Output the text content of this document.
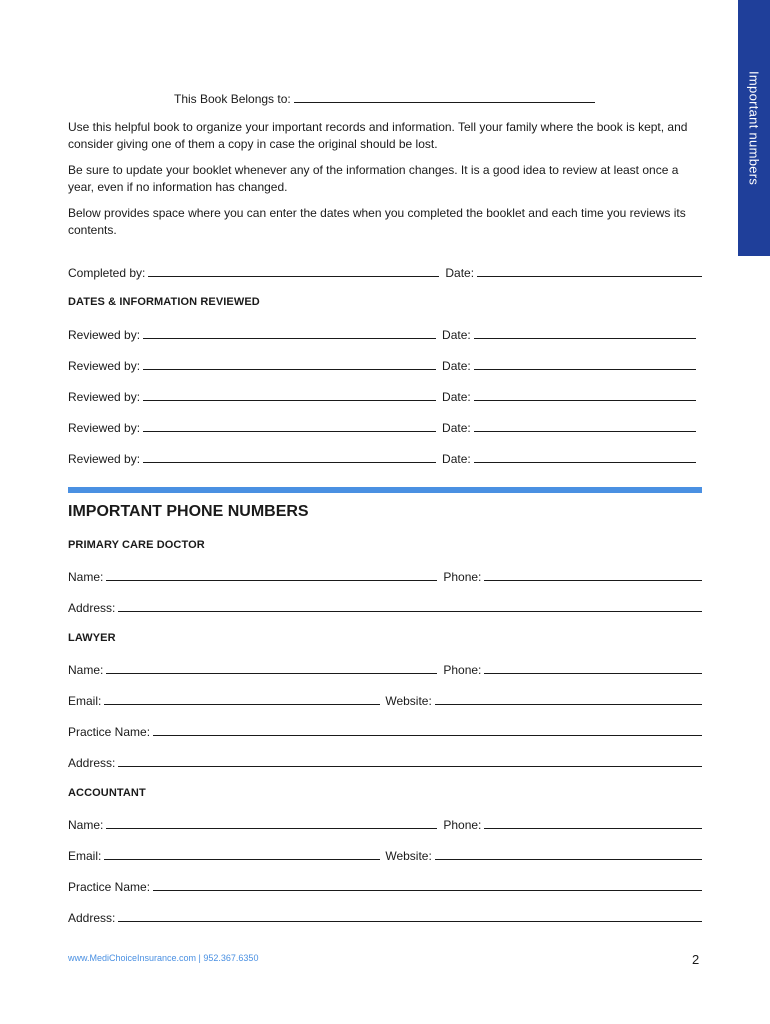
Important numbers
This Book Belongs to:

Use this helpful book to organize your important records and information. Tell your family where the book is kept, and consider giving one of them a copy in case the original should be lost.

Be sure to update your booklet whenever any of the information changes. It is a good idea to review at least once a year, even if no information has changed.

Below provides space where you can enter the dates when you completed the booklet and each time you reviews its contents.

Completed by:	Date:
DATES & INFORMATION REVIEWED
Reviewed by:	Date:
Reviewed by:	Date:
Reviewed by:	Date:
Reviewed by:	Date:
Reviewed by:	Date:
IMPORTANT PHONE NUMBERS
PRIMARY CARE DOCTOR
Name:	Phone:
Address:
LAWYER
Name:	Phone:
Email:	Website:
Practice Name:
Address:
ACCOUNTANT
Name:	Phone:
Email:	Website:
Practice Name:
Address:
www.MediChoiceInsurance.com | 952.367.6350	2
